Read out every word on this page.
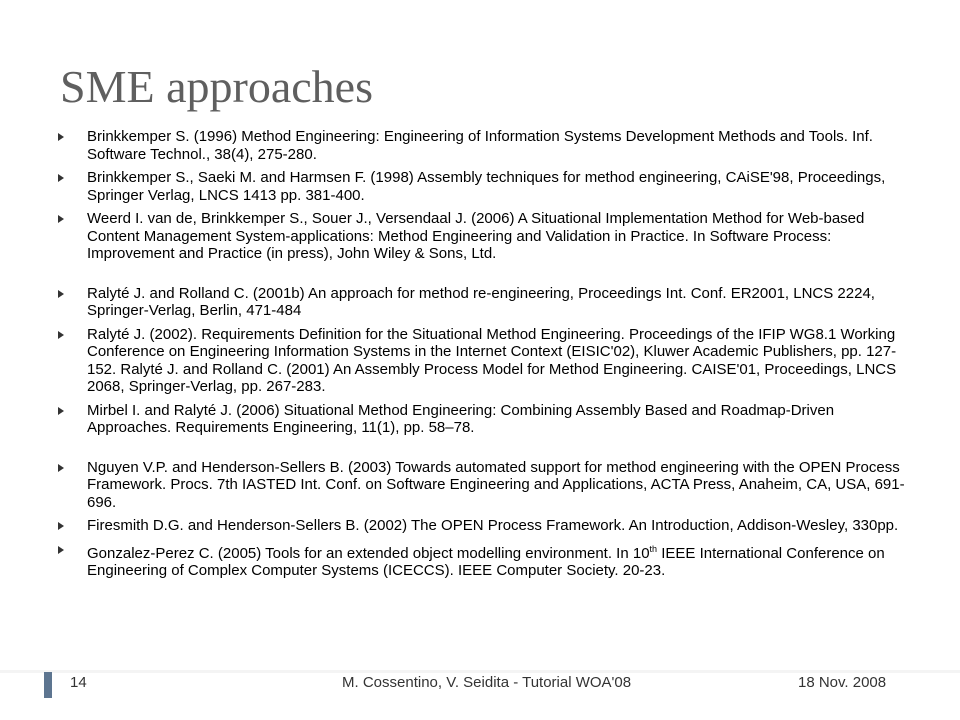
SME approaches
Brinkkemper S. (1996) Method Engineering: Engineering of Information Systems Development Methods and Tools. Inf. Software Technol., 38(4), 275-280.
Brinkkemper S., Saeki M. and Harmsen F. (1998) Assembly techniques for method engineering, CAiSE'98, Proceedings, Springer Verlag, LNCS 1413 pp. 381-400.
Weerd I. van de, Brinkkemper S., Souer J., Versendaal J. (2006) A Situational Implementation Method for Web-based Content Management System-applications: Method Engineering and Validation in Practice. In Software Process: Improvement and Practice (in press), John Wiley & Sons, Ltd.
Ralyté J. and Rolland C. (2001b) An approach for method re-engineering, Proceedings Int. Conf. ER2001, LNCS 2224, Springer-Verlag, Berlin, 471-484
Ralyté J. (2002). Requirements Definition for the Situational Method Engineering. Proceedings of the IFIP WG8.1 Working Conference on Engineering Information Systems in the Internet Context (EISIC'02), Kluwer Academic Publishers, pp. 127-152. Ralyté J. and Rolland C. (2001) An Assembly Process Model for Method Engineering. CAISE'01, Proceedings, LNCS 2068, Springer-Verlag, pp. 267-283.
Mirbel I. and Ralyté J. (2006) Situational Method Engineering: Combining Assembly Based and Roadmap-Driven Approaches. Requirements Engineering, 11(1), pp. 58–78.
Nguyen V.P. and Henderson-Sellers B. (2003) Towards automated support for method engineering with the OPEN Process Framework. Procs. 7th IASTED Int. Conf. on Software Engineering and Applications, ACTA Press, Anaheim, CA, USA, 691-696.
Firesmith D.G. and Henderson-Sellers B. (2002) The OPEN Process Framework. An Introduction, Addison-Wesley, 330pp.
Gonzalez-Perez C. (2005) Tools for an extended object modelling environment. In 10th IEEE International Conference on Engineering of Complex Computer Systems (ICECCS). IEEE Computer Society. 20-23.
14	M. Cossentino, V. Seidita - Tutorial WOA'08	18 Nov. 2008
